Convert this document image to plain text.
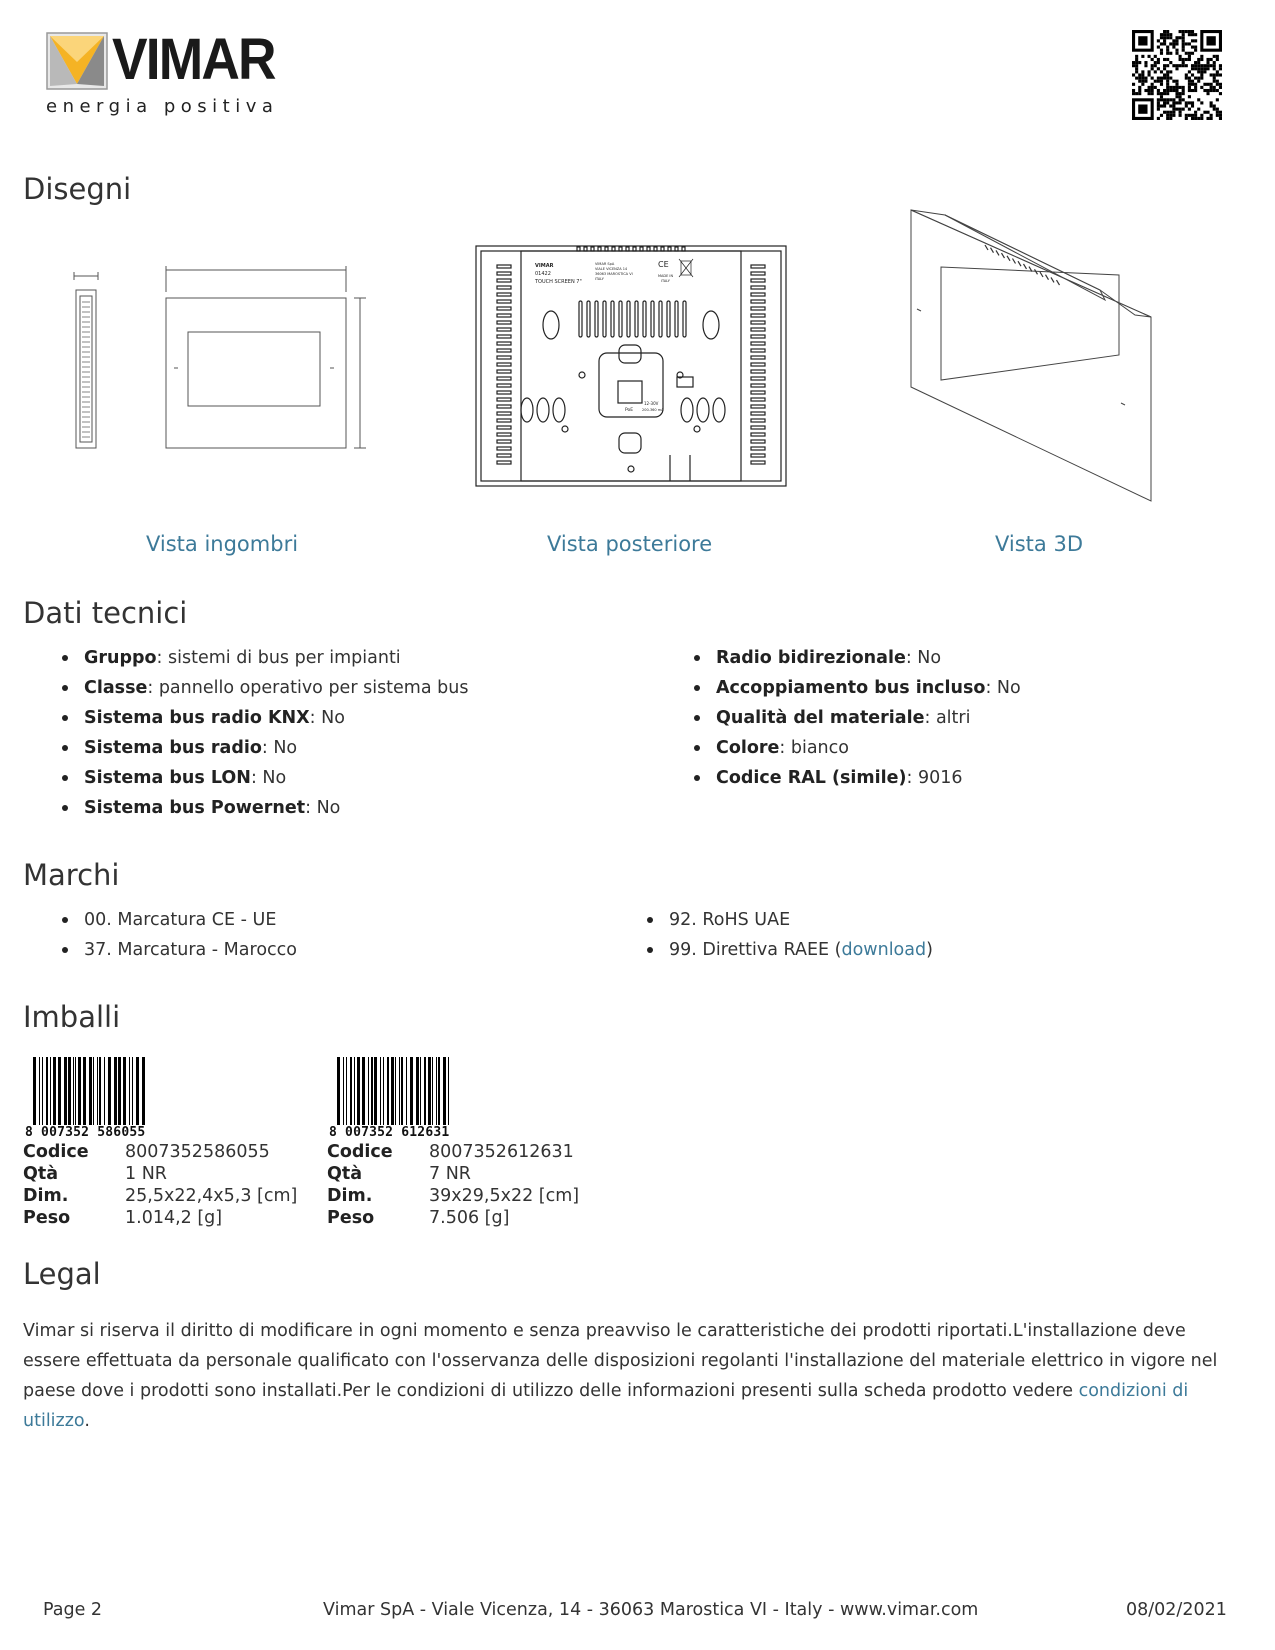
VIMAR
energia positiva
Disegni
VIMAR
01422
TOUCH SCREEN 7"
VIMAR SpA
VIALE VICENZA 14
36063 MAROSTICA VI
ITALY
CE
MADE IN
ITALY
PoE
12-30V
200-360 mA
Vista ingombri	Vista posteriore	Vista 3D
Dati tecnici
Gruppo: sistemi di bus per impianti
Classe: pannello operativo per sistema bus
Sistema bus radio KNX: No
Sistema bus radio: No
Sistema bus LON: No
Sistema bus Powernet: No
Radio bidirezionale: No
Accoppiamento bus incluso: No
Qualità del materiale: altri
Colore: bianco
Codice RAL (simile): 9016
Marchi
00. Marcatura CE - UE
37. Marcatura - Marocco
92. RoHS UAE
99. Direttiva RAEE (download)
Imballi
8 007352 586055
Codice	8007352586055
Qtà	1 NR
Dim.	25,5x22,4x5,3 [cm]
Peso	1.014,2 [g]
8 007352 612631
Codice	8007352612631
Qtà	7 NR
Dim.	39x29,5x22 [cm]
Peso	7.506 [g]
Legal
Vimar si riserva il diritto di modificare in ogni momento e senza preavviso le caratteristiche dei prodotti riportati.L'installazione deve essere effettuata da personale qualificato con l'osservanza delle disposizioni regolanti l'installazione del materiale elettrico in vigore nel paese dove i prodotti sono installati.Per le condizioni di utilizzo delle informazioni presenti sulla scheda prodotto vedere condizioni di utilizzo.
Page 2	Vimar SpA - Viale Vicenza, 14 - 36063 Marostica VI - Italy - www.vimar.com	08/02/2021
